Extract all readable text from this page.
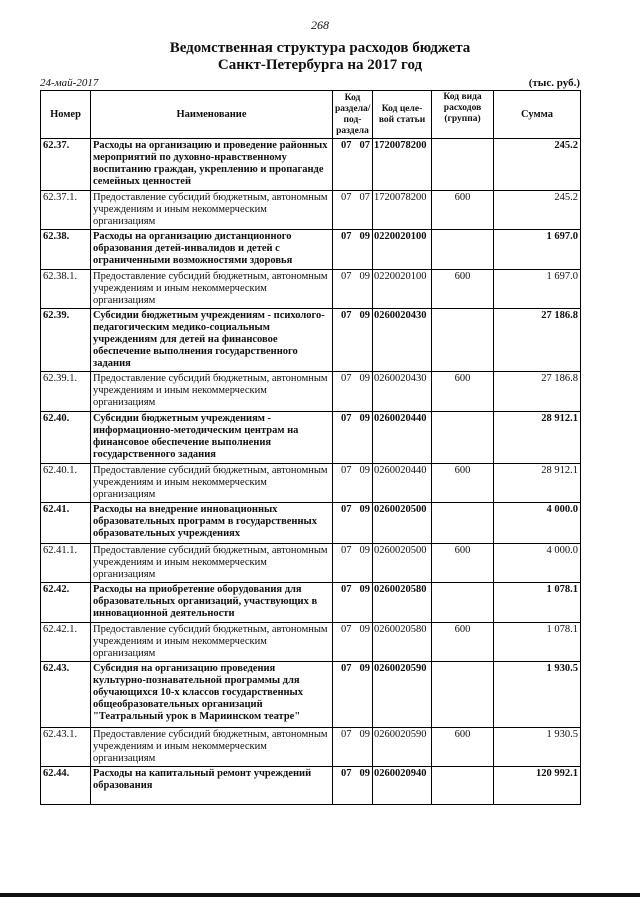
268
Ведомственная структура расходов бюджета
Санкт-Петербурга на 2017 год
24-май-2017	(тыс. руб.)
Номер	Наименование	Код раздела/ под- раздела		Код целе- вой статьи	Код вида расходов (группа)	Сумма
62.37.	Расходы на организацию и проведение районных мероприятий по духовно-нравственному воспитанию граждан, укреплению и пропаганде семейных ценностей	07	07	1720078200		245.2
62.37.1.	Предоставление субсидий бюджетным, автономным учреждениям и иным некоммерческим организациям	07	07	1720078200	600	245.2
62.38.	Расходы на организацию дистанционного образования детей-инвалидов и детей с ограниченными возможностями здоровья	07	09	0220020100		1 697.0
62.38.1.	Предоставление субсидий бюджетным, автономным учреждениям и иным некоммерческим организациям	07	09	0220020100	600	1 697.0
62.39.	Субсидии бюджетным учреждениям - психолого-педагогическим медико-социальным учреждениям для детей на финансовое обеспечение выполнения государственного задания	07	09	0260020430		27 186.8
62.39.1.	Предоставление субсидий бюджетным, автономным учреждениям и иным некоммерческим организациям	07	09	0260020430	600	27 186.8
62.40.	Субсидии бюджетным учреждениям - информационно-методическим центрам на финансовое обеспечение выполнения государственного задания	07	09	0260020440		28 912.1
62.40.1.	Предоставление субсидий бюджетным, автономным учреждениям и иным некоммерческим организациям	07	09	0260020440	600	28 912.1
62.41.	Расходы на внедрение инновационных образовательных программ в государственных образовательных учреждениях	07	09	0260020500		4 000.0
62.41.1.	Предоставление субсидий бюджетным, автономным учреждениям и иным некоммерческим организациям	07	09	0260020500	600	4 000.0
62.42.	Расходы на приобретение оборудования для образовательных организаций, участвующих в инновационной деятельности	07	09	0260020580		1 078.1
62.42.1.	Предоставление субсидий бюджетным, автономным учреждениям и иным некоммерческим организациям	07	09	0260020580	600	1 078.1
62.43.	Субсидия на организацию проведения культурно-познавательной программы для обучающихся 10-х классов государственных общеобразовательных организаций "Театральный урок в Мариинском театре"	07	09	0260020590		1 930.5
62.43.1.	Предоставление субсидий бюджетным, автономным учреждениям и иным некоммерческим организациям	07	09	0260020590	600	1 930.5
62.44.	Расходы на капитальный ремонт учреждений образования	07	09	0260020940		120 992.1
